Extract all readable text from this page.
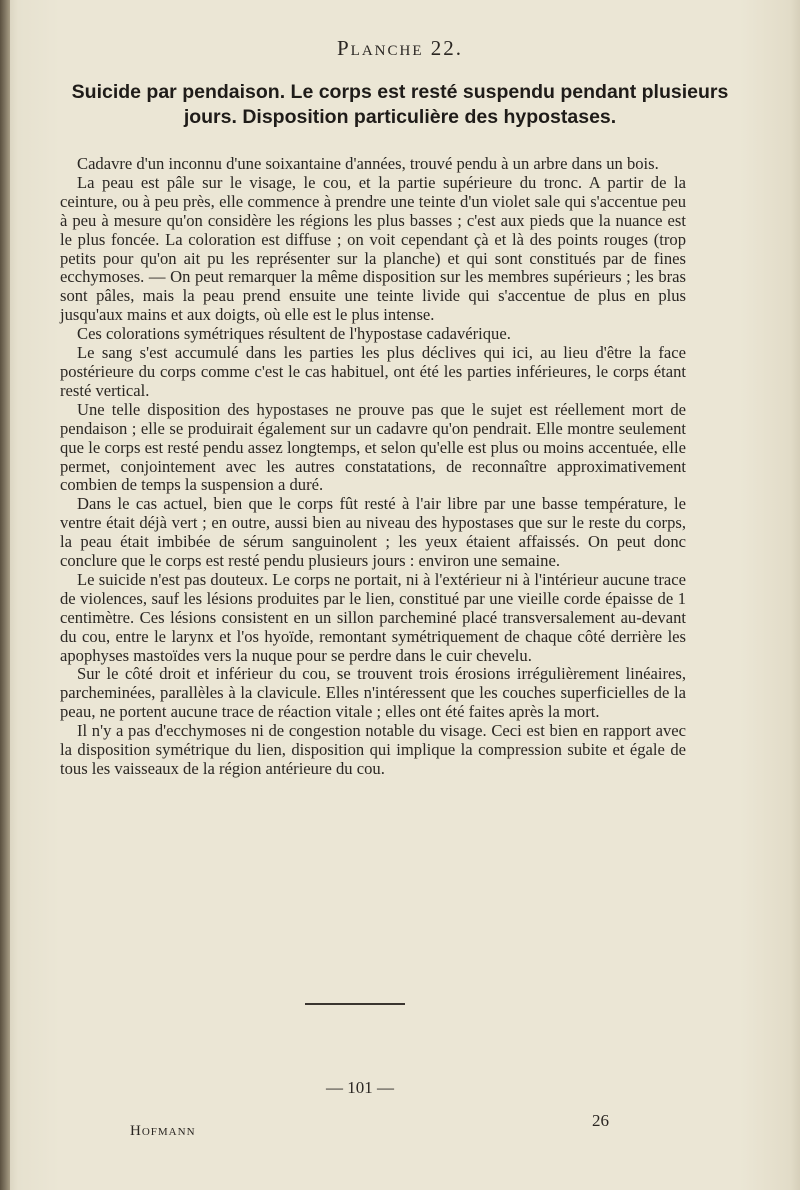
Planche 22.
Suicide par pendaison. Le corps est resté suspendu pendant plusieurs jours. Disposition particulière des hypostases.

Cadavre d'un inconnu d'une soixantaine d'années, trouvé pendu à un arbre dans un bois.

La peau est pâle sur le visage, le cou, et la partie supérieure du tronc. A partir de la ceinture, ou à peu près, elle commence à prendre une teinte d'un violet sale qui s'accentue peu à peu à mesure qu'on considère les régions les plus basses ; c'est aux pieds que la nuance est le plus foncée. La coloration est diffuse ; on voit cependant çà et là des points rouges (trop petits pour qu'on ait pu les représenter sur la planche) et qui sont constitués par de fines ecchymoses. — On peut remarquer la même disposition sur les membres supérieurs ; les bras sont pâles, mais la peau prend ensuite une teinte livide qui s'accentue de plus en plus jusqu'aux mains et aux doigts, où elle est le plus intense.

Ces colorations symétriques résultent de l'hypostase cadavérique.

Le sang s'est accumulé dans les parties les plus déclives qui ici, au lieu d'être la face postérieure du corps comme c'est le cas habituel, ont été les parties inférieures, le corps étant resté vertical.

Une telle disposition des hypostases ne prouve pas que le sujet est réellement mort de pendaison ; elle se produirait également sur un cadavre qu'on pendrait. Elle montre seulement que le corps est resté pendu assez longtemps, et selon qu'elle est plus ou moins accentuée, elle permet, conjointement avec les autres constatations, de reconnaître approximativement combien de temps la suspension a duré.

Dans le cas actuel, bien que le corps fût resté à l'air libre par une basse température, le ventre était déjà vert ; en outre, aussi bien au niveau des hypostases que sur le reste du corps, la peau était imbibée de sérum sanguinolent ; les yeux étaient affaissés. On peut donc conclure que le corps est resté pendu plusieurs jours : environ une semaine.

Le suicide n'est pas douteux. Le corps ne portait, ni à l'extérieur ni à l'intérieur aucune trace de violences, sauf les lésions produites par le lien, constitué par une vieille corde épaisse de 1 centimètre. Ces lésions consistent en un sillon parcheminé placé transversalement au-devant du cou, entre le larynx et l'os hyoïde, remontant symétriquement de chaque côté derrière les apophyses mastoïdes vers la nuque pour se perdre dans le cuir chevelu.

Sur le côté droit et inférieur du cou, se trouvent trois érosions irrégulièrement linéaires, parcheminées, parallèles à la clavicule. Elles n'intéressent que les couches superficielles de la peau, ne portent aucune trace de réaction vitale ; elles ont été faites après la mort.

Il n'y a pas d'ecchymoses ni de congestion notable du visage. Ceci est bien en rapport avec la disposition symétrique du lien, disposition qui implique la compression subite et égale de tous les vaisseaux de la région antérieure du cou.

— 101 —
Hofmann
26
